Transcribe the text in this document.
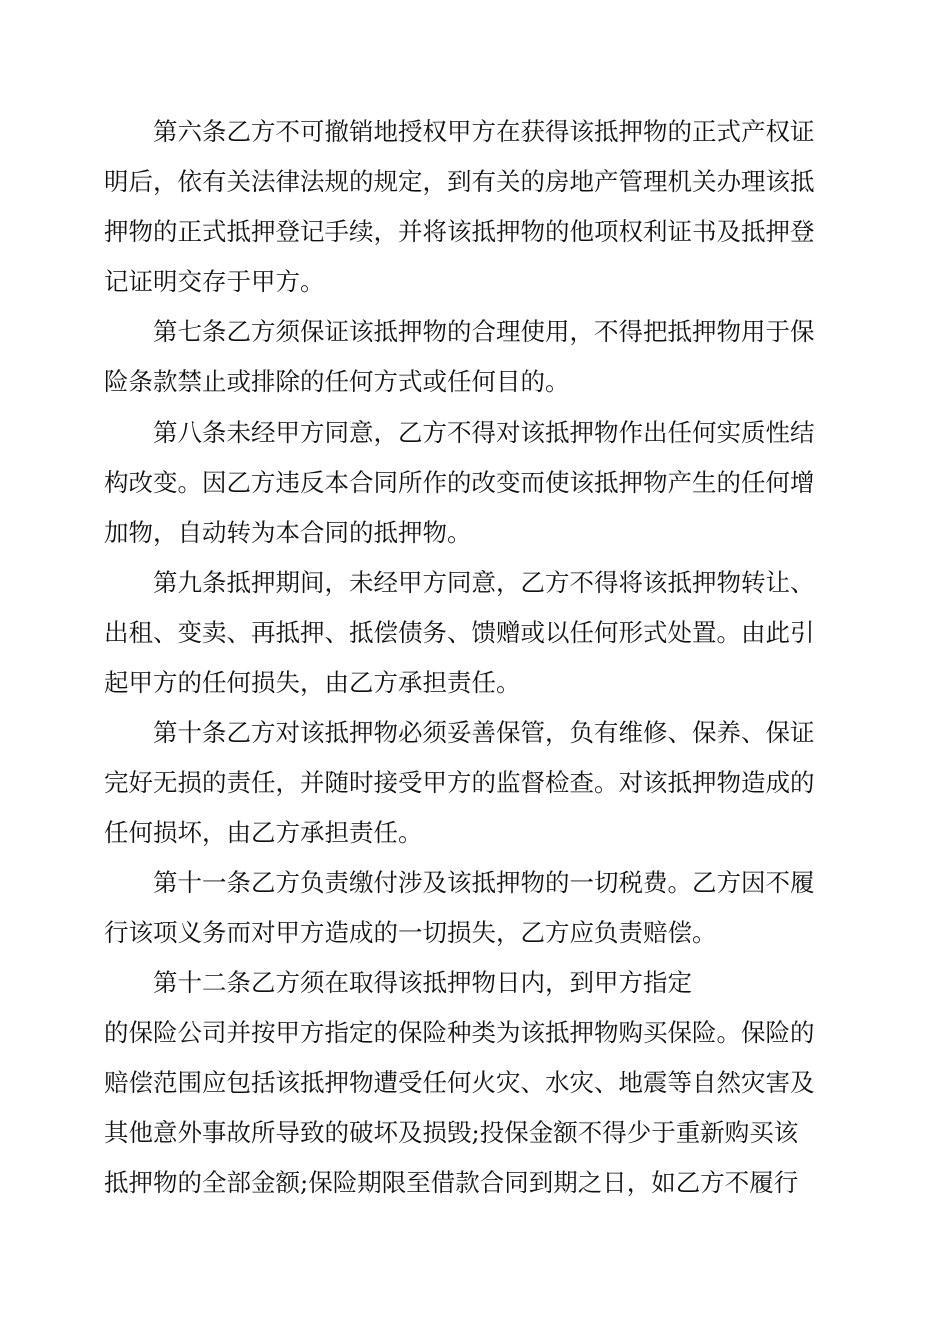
第六条乙方不可撤销地授权甲方在获得该抵押物的正式产权证
明后，依有关法律法规的规定，到有关的房地产管理机关办理该抵
押物的正式抵押登记手续，并将该抵押物的他项权利证书及抵押登
记证明交存于甲方。
第七条乙方须保证该抵押物的合理使用，不得把抵押物用于保
险条款禁止或排除的任何方式或任何目的。
第八条未经甲方同意，乙方不得对该抵押物作出任何实质性结
构改变。因乙方违反本合同所作的改变而使该抵押物产生的任何增
加物，自动转为本合同的抵押物。
第九条抵押期间，未经甲方同意，乙方不得将该抵押物转让、
出租、变卖、再抵押、抵偿债务、馈赠或以任何形式处置。由此引
起甲方的任何损失，由乙方承担责任。
第十条乙方对该抵押物必须妥善保管，负有维修、保养、保证
完好无损的责任，并随时接受甲方的监督检查。对该抵押物造成的
任何损坏，由乙方承担责任。
第十一条乙方负责缴付涉及该抵押物的一切税费。乙方因不履
行该项义务而对甲方造成的一切损失，乙方应负责赔偿。
第十二条乙方须在取得该抵押物日内，到甲方指定
的保险公司并按甲方指定的保险种类为该抵押物购买保险。保险的
赔偿范围应包括该抵押物遭受任何火灾、水灾、地震等自然灾害及
其他意外事故所导致的破坏及损毁;投保金额不得少于重新购买该
抵押物的全部金额;保险期限至借款合同到期之日，如乙方不履行
